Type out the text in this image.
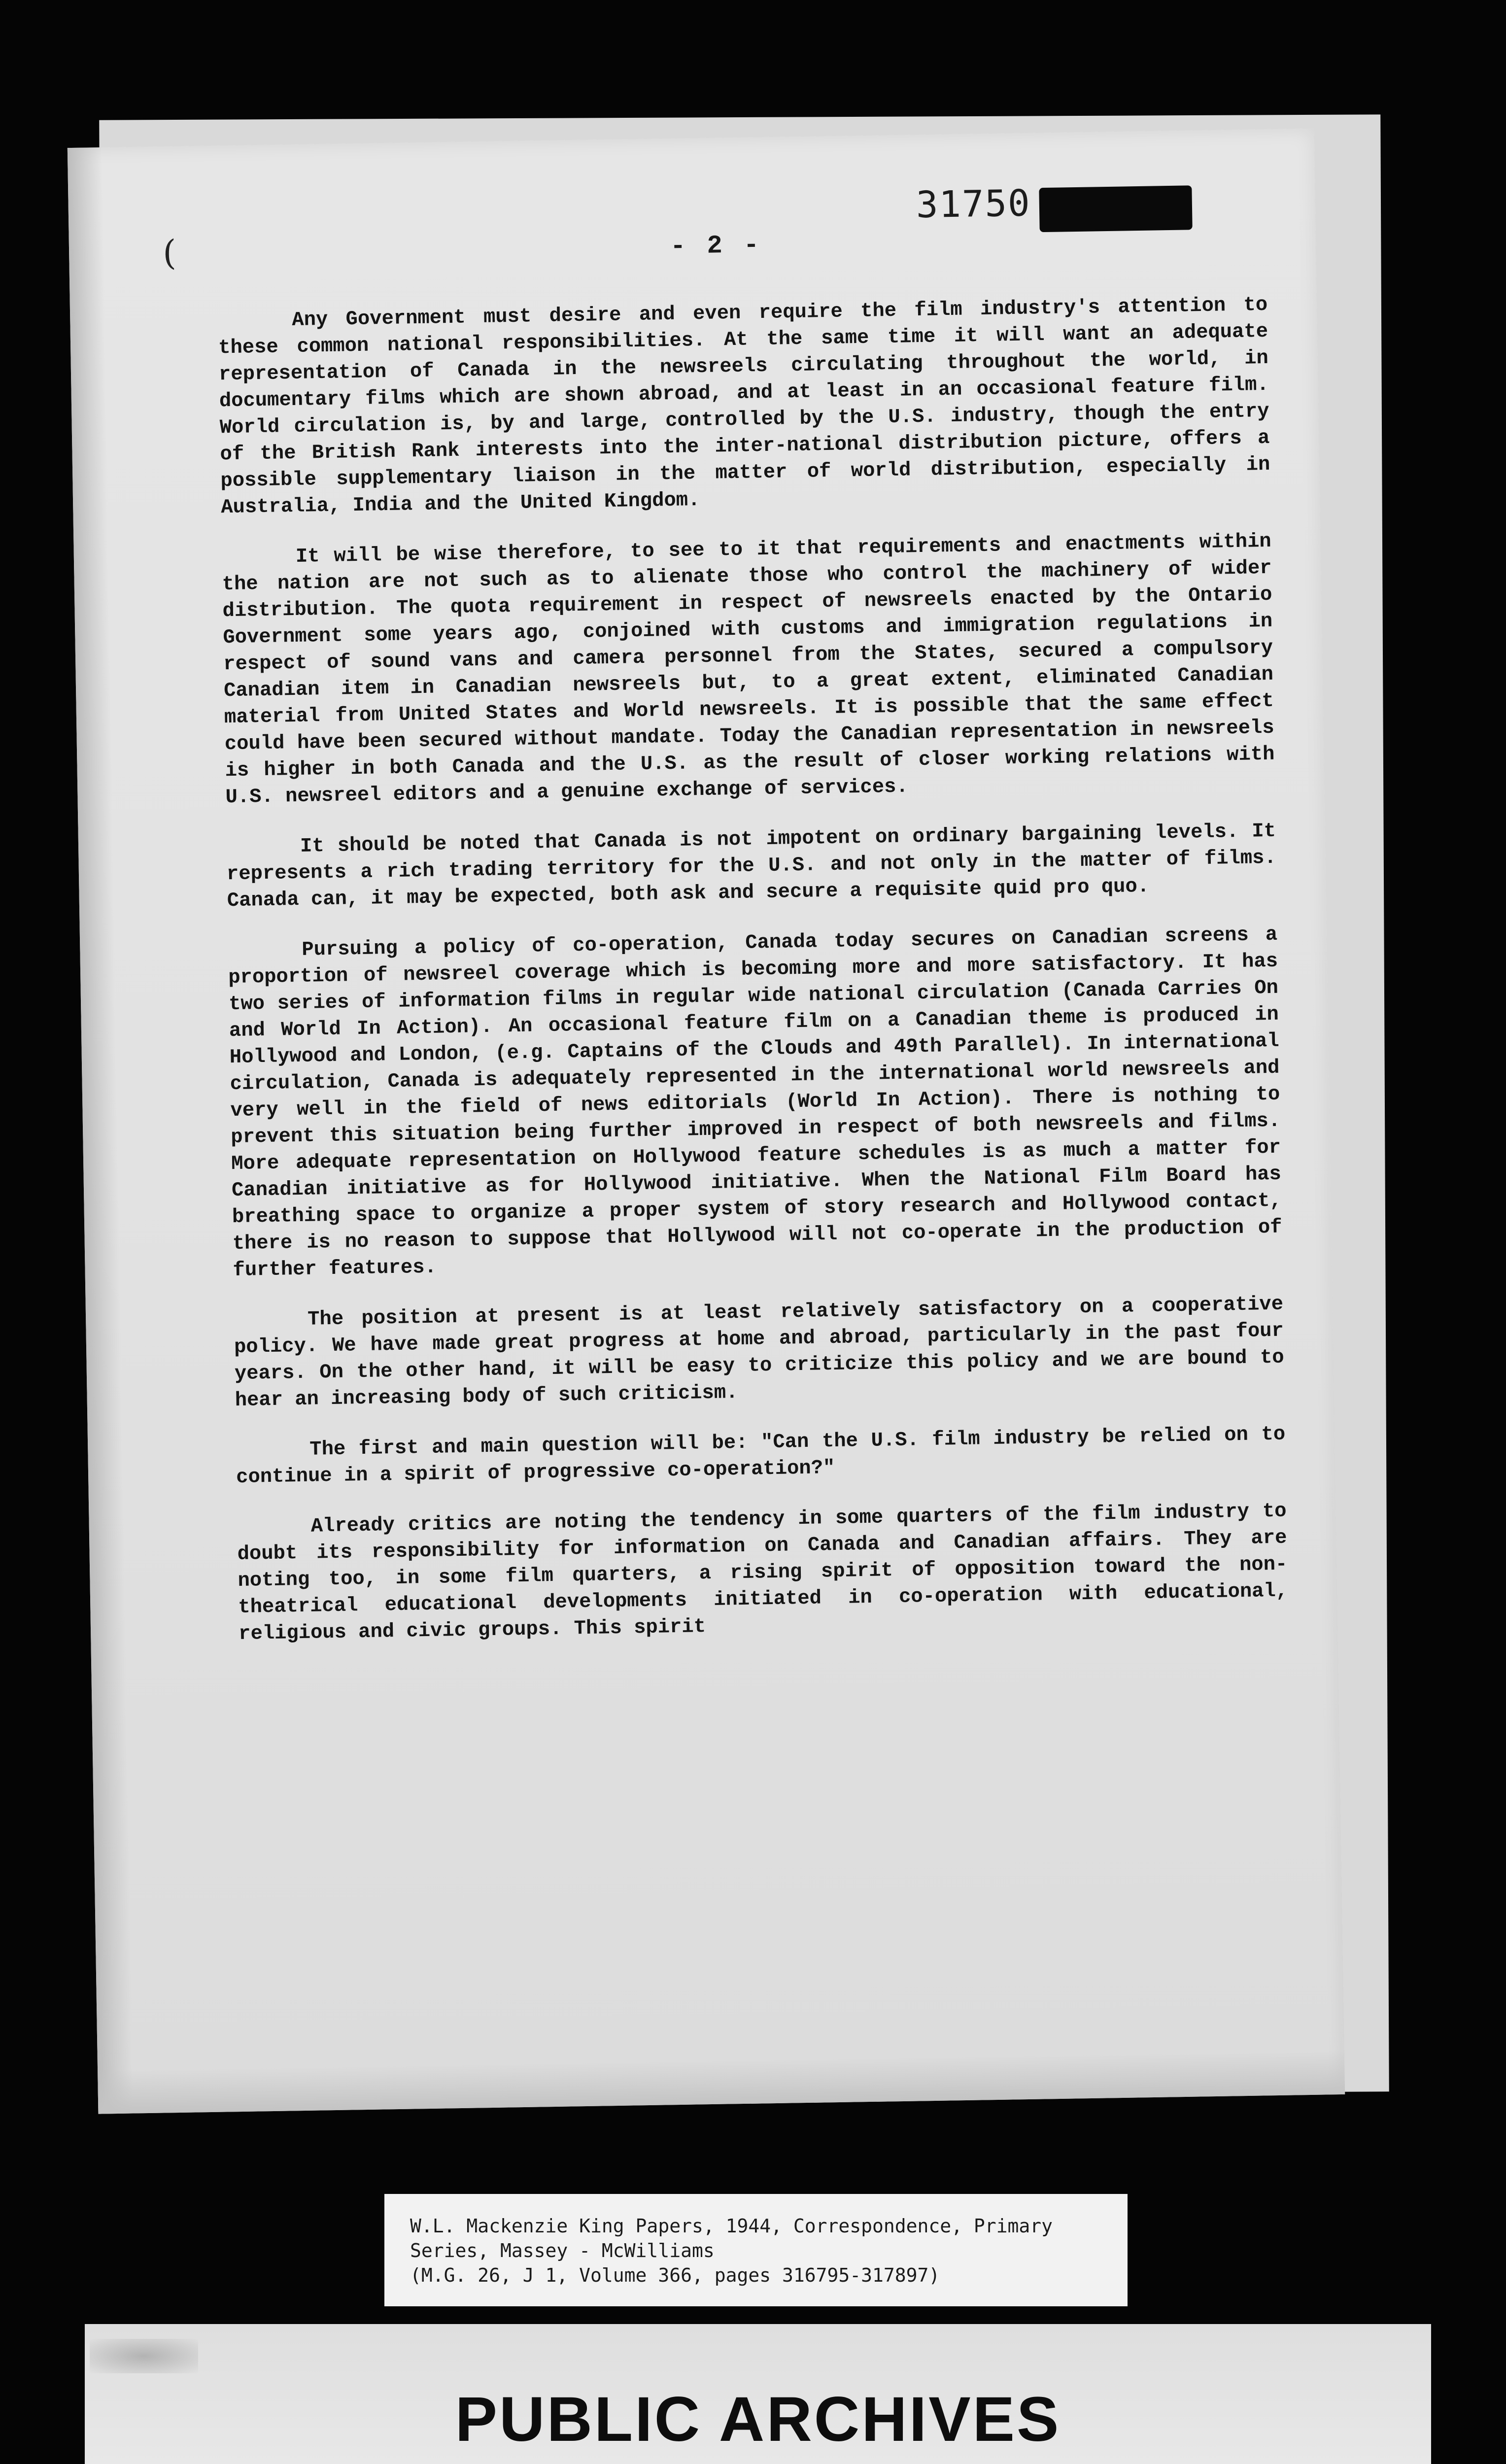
(
31750
- 2 -

Any Government must desire and even require the film industry's attention to these common national responsibilities. At the same time it will want an adequate representation of Canada in the newsreels circulating throughout the world, in documentary films which are shown abroad, and at least in an occasional feature film. World circulation is, by and large, controlled by the U.S. industry, though the entry of the British Rank interests into the inter-national distribution picture, offers a possible supplementary liaison in the matter of world distribution, especially in Australia, India and the United Kingdom.

It will be wise therefore, to see to it that requirements and enactments within the nation are not such as to alienate those who control the machinery of wider distribution. The quota requirement in respect of newsreels enacted by the Ontario Government some years ago, conjoined with customs and immigration regulations in respect of sound vans and camera personnel from the States, secured a compulsory Canadian item in Canadian newsreels but, to a great extent, eliminated Canadian material from United States and World newsreels. It is possible that the same effect could have been secured without mandate. Today the Canadian representation in newsreels is higher in both Canada and the U.S. as the result of closer working relations with U.S. newsreel editors and a genuine exchange of services.

It should be noted that Canada is not impotent on ordinary bargaining levels. It represents a rich trading territory for the U.S. and not only in the matter of films. Canada can, it may be expected, both ask and secure a requisite quid pro quo.

Pursuing a policy of co-operation, Canada today secures on Canadian screens a proportion of newsreel coverage which is becoming more and more satisfactory. It has two series of information films in regular wide national circulation (Canada Carries On and World In Action). An occasional feature film on a Canadian theme is produced in Hollywood and London, (e.g. Captains of the Clouds and 49th Parallel). In international circulation, Canada is adequately represented in the international world newsreels and very well in the field of news editorials (World In Action). There is nothing to prevent this situation being further improved in respect of both newsreels and films. More adequate representation on Hollywood feature schedules is as much a matter for Canadian initiative as for Hollywood initiative. When the National Film Board has breathing space to organize a proper system of story research and Hollywood contact, there is no reason to suppose that Hollywood will not co-operate in the production of further features.

The position at present is at least relatively satisfactory on a cooperative policy. We have made great progress at home and abroad, particularly in the past four years. On the other hand, it will be easy to criticize this policy and we are bound to hear an increasing body of such criticism.

The first and main question will be: "Can the U.S. film industry be relied on to continue in a spirit of progressive co-operation?"

Already critics are noting the tendency in some quarters of the film industry to doubt its responsibility for information on Canada and Canadian affairs. They are noting too, in some film quarters, a rising spirit of opposition toward the non-theatrical educational developments initiated in co-operation with educational, religious and civic groups. This spirit

W.L. Mackenzie King Papers, 1944, Correspondence, Primary
Series, Massey - McWilliams
(M.G. 26, J 1, Volume 366, pages 316795-317897)
PUBLIC ARCHIVES
